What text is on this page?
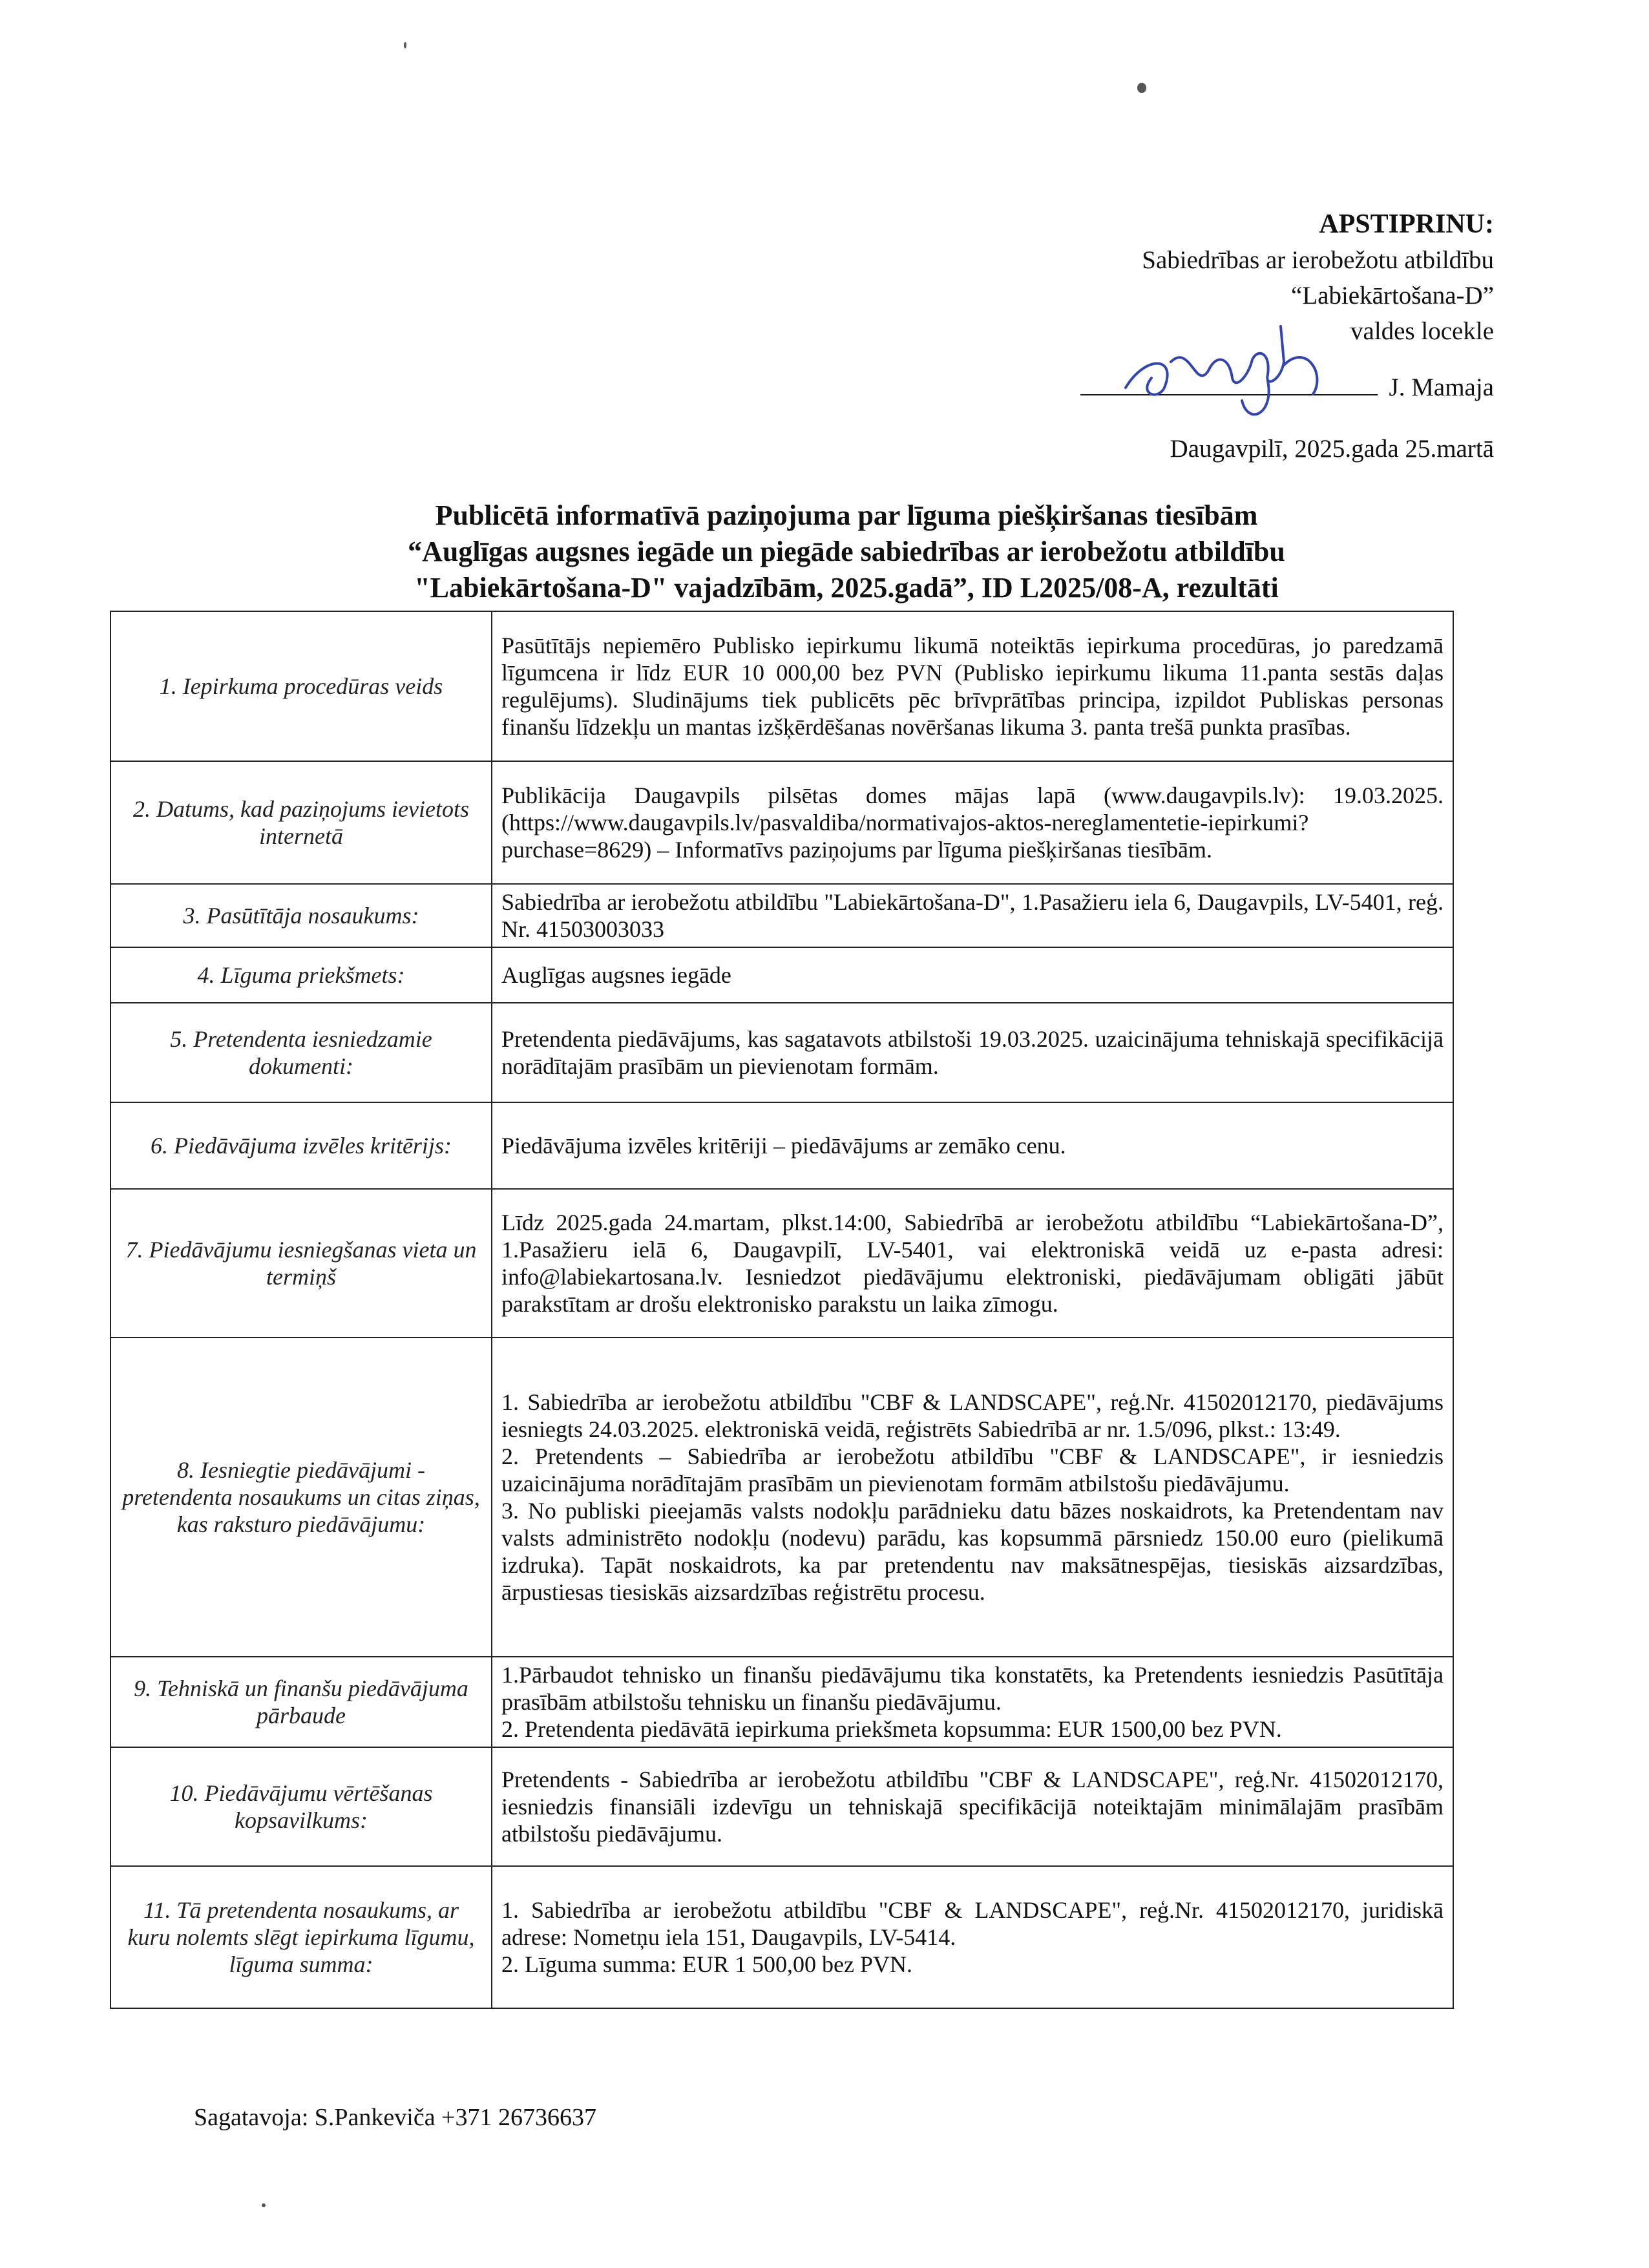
APSTIPRINU:
Sabiedrības ar ierobežotu atbildību
“Labiekārtošana-D”
valdes locekle
J. Mamaja
Daugavpilī, 2025.gada 25.martā
Publicētā informatīvā paziņojuma par līguma piešķiršanas tiesībām
“Auglīgas augsnes iegāde un piegāde sabiedrības ar ierobežotu atbildību
"Labiekārtošana-D" vajadzībām, 2025.gadā”, ID L2025/08-A, rezultāti
1. Iepirkuma procedūras veids	Pasūtītājs nepiemēro Publisko iepirkumu likumā noteiktās iepirkuma procedūras, jo paredzamā līgumcena ir līdz EUR 10 000,00 bez PVN (Publisko iepirkumu likuma 11.panta sestās daļas regulējums). Sludinājums tiek publicēts pēc brīvprātības principa, izpildot Publiskas personas finanšu līdzekļu un mantas izšķērdēšanas novēršanas likuma 3. panta trešā punkta prasības.

2. Datums, kad paziņojums ievietots internetā	Publikācija Daugavpils pilsētas domes mājas lapā (www.daugavpils.lv): 19.03.2025. (https://www.daugavpils.lv/pasvaldiba/normativajos-aktos-nereglamentetie-iepirkumi?purchase=8629) – Informatīvs paziņojums par līguma piešķiršanas tiesībām.

3. Pasūtītāja nosaukums:	Sabiedrība ar ierobežotu atbildību "Labiekārtošana-D", 1.Pasažieru iela 6, Daugavpils, LV-5401, reģ. Nr. 41503003033

4. Līguma priekšmets:	Auglīgas augsnes iegāde

5. Pretendenta iesniedzamie dokumenti:	Pretendenta piedāvājums, kas sagatavots atbilstoši 19.03.2025. uzaicinājuma tehniskajā specifikācijā norādītajām prasībām un pievienotam formām.

6. Piedāvājuma izvēles kritērijs:	Piedāvājuma izvēles kritēriji – piedāvājums ar zemāko cenu.

7. Piedāvājumu iesniegšanas vieta un termiņš	Līdz 2025.gada 24.martam, plkst.14:00, Sabiedrībā ar ierobežotu atbildību “Labiekārtošana-D”, 1.Pasažieru ielā 6, Daugavpilī, LV-5401, vai elektroniskā veidā uz e-pasta adresi: info@labiekartosana.lv. Iesniedzot piedāvājumu elektroniski, piedāvājumam obligāti jābūt parakstītam ar drošu elektronisko parakstu un laika zīmogu.

8. Iesniegtie piedāvājumi - pretendenta nosaukums un citas ziņas, kas raksturo piedāvājumu:	1. Sabiedrība ar ierobežotu atbildību "CBF & LANDSCAPE", reģ.Nr. 41502012170, piedāvājums iesniegts 24.03.2025. elektroniskā veidā, reģistrēts Sabiedrībā ar nr. 1.5/096, plkst.: 13:49.

2. Pretendents – Sabiedrība ar ierobežotu atbildību "CBF & LANDSCAPE", ir iesniedzis uzaicinājuma norādītajām prasībām un pievienotam formām atbilstošu piedāvājumu.

3. No publiski pieejamās valsts nodokļu parādnieku datu bāzes noskaidrots, ka Pretendentam nav valsts administrēto nodokļu (nodevu) parādu, kas kopsummā pārsniedz 150.00 euro (pielikumā izdruka). Tapāt noskaidrots, ka par pretendentu nav maksātnespējas, tiesiskās aizsardzības, ārpustiesas tiesiskās aizsardzības reģistrētu procesu.

9. Tehniskā un finanšu piedāvājuma pārbaude	1.Pārbaudot tehnisko un finanšu piedāvājumu tika konstatēts, ka Pretendents iesniedzis Pasūtītāja prasībām atbilstošu tehnisku un finanšu piedāvājumu.

2. Pretendenta piedāvātā iepirkuma priekšmeta kopsumma: EUR 1500,00 bez PVN.

10. Piedāvājumu vērtēšanas kopsavilkums:	Pretendents - Sabiedrība ar ierobežotu atbildību "CBF & LANDSCAPE", reģ.Nr. 41502012170, iesniedzis finansiāli izdevīgu un tehniskajā specifikācijā noteiktajām minimālajām prasībām atbilstošu piedāvājumu.

11. Tā pretendenta nosaukums, ar kuru nolemts slēgt iepirkuma līgumu, līguma summa:	1. Sabiedrība ar ierobežotu atbildību "CBF & LANDSCAPE", reģ.Nr. 41502012170, juridiskā adrese: Nometņu iela 151, Daugavpils, LV-5414.

2. Līguma summa: EUR 1 500,00 bez PVN.

Sagatavoja: S.Pankeviča +371 26736637
